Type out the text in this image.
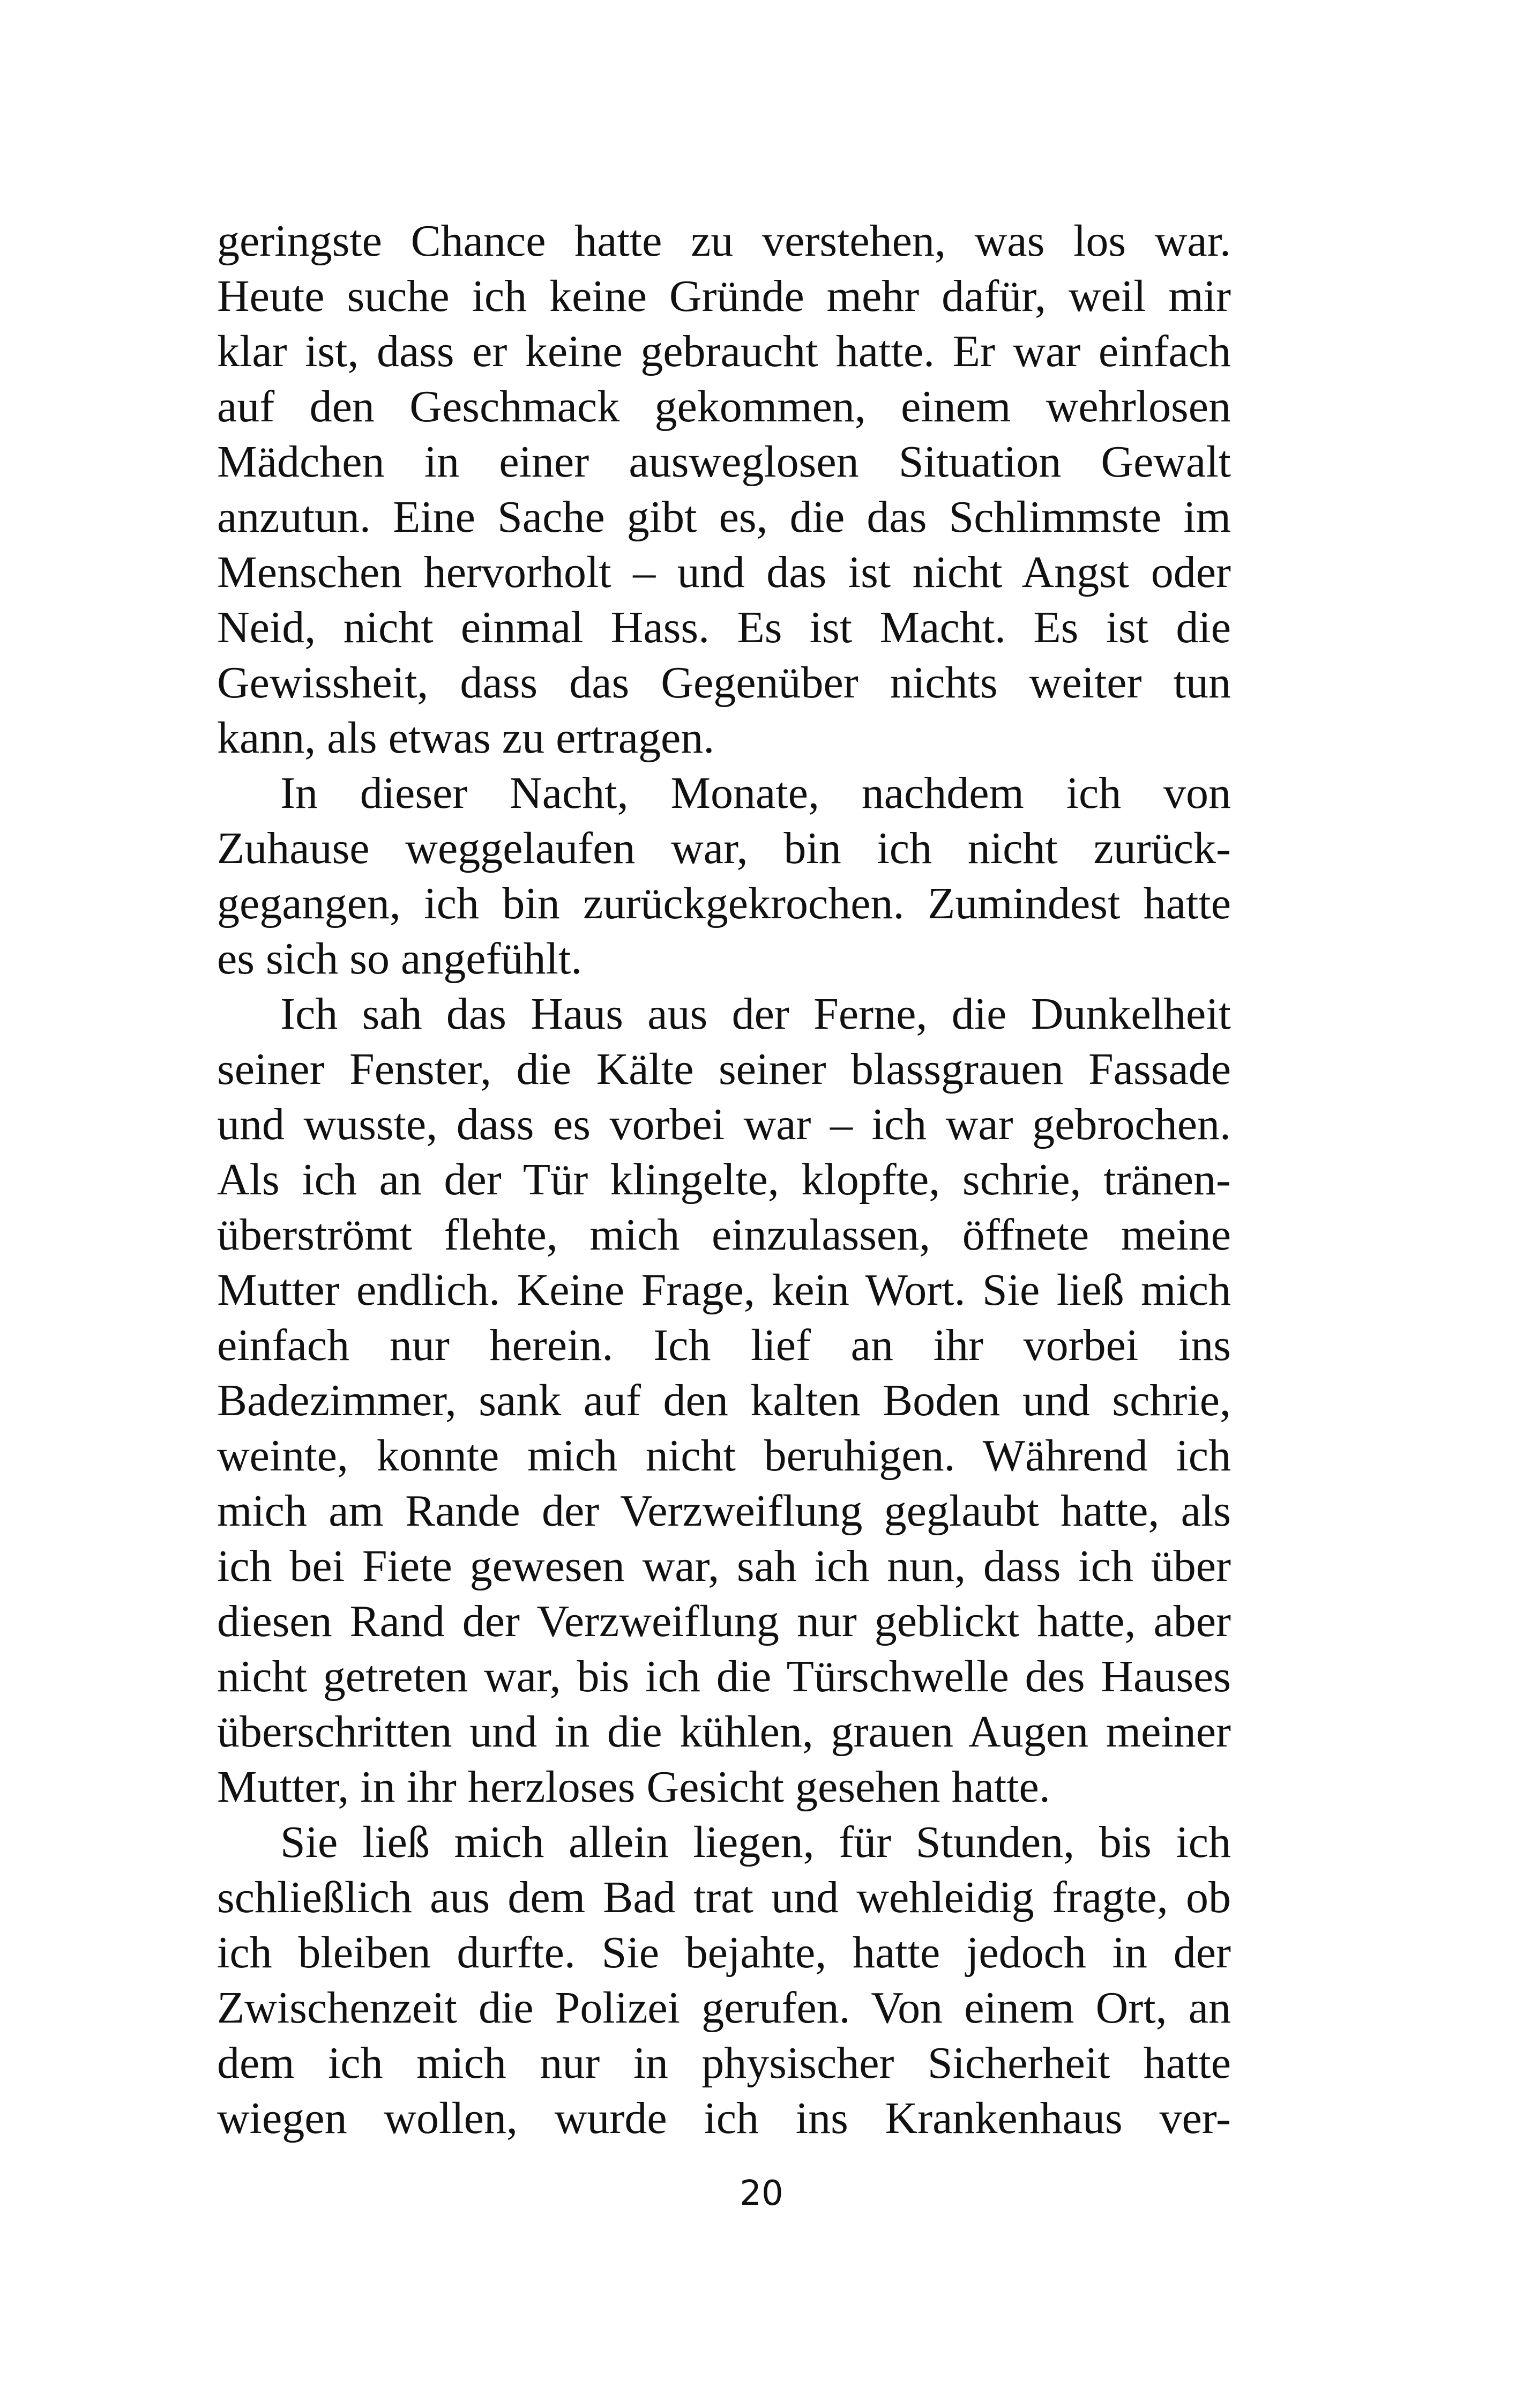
geringste Chance hatte zu verstehen, was los war.
Heute suche ich keine Gründe mehr dafür, weil mir
klar ist, dass er keine gebraucht hatte. Er war einfach
auf den Geschmack gekommen, einem wehrlosen
Mädchen in einer ausweglosen Situation Gewalt
anzutun. Eine Sache gibt es, die das Schlimmste im
Menschen hervorholt – und das ist nicht Angst oder
Neid, nicht einmal Hass. Es ist Macht. Es ist die
Gewissheit, dass das Gegenüber nichts weiter tun
kann, als etwas zu ertragen.
In dieser Nacht, Monate, nachdem ich von
Zuhause weggelaufen war, bin ich nicht zurück-
gegangen, ich bin zurückgekrochen. Zumindest hatte
es sich so angefühlt.
Ich sah das Haus aus der Ferne, die Dunkelheit
seiner Fenster, die Kälte seiner blassgrauen Fassade
und wusste, dass es vorbei war – ich war gebrochen.
Als ich an der Tür klingelte, klopfte, schrie, tränen-
überströmt flehte, mich einzulassen, öffnete meine
Mutter endlich. Keine Frage, kein Wort. Sie ließ mich
einfach nur herein. Ich lief an ihr vorbei ins
Badezimmer, sank auf den kalten Boden und schrie,
weinte, konnte mich nicht beruhigen. Während ich
mich am Rande der Verzweiflung geglaubt hatte, als
ich bei Fiete gewesen war, sah ich nun, dass ich über
diesen Rand der Verzweiflung nur geblickt hatte, aber
nicht getreten war, bis ich die Türschwelle des Hauses
überschritten und in die kühlen, grauen Augen meiner
Mutter, in ihr herzloses Gesicht gesehen hatte.
Sie ließ mich allein liegen, für Stunden, bis ich
schließlich aus dem Bad trat und wehleidig fragte, ob
ich bleiben durfte. Sie bejahte, hatte jedoch in der
Zwischenzeit die Polizei gerufen. Von einem Ort, an
dem ich mich nur in physischer Sicherheit hatte
wiegen wollen, wurde ich ins Krankenhaus ver-
20
